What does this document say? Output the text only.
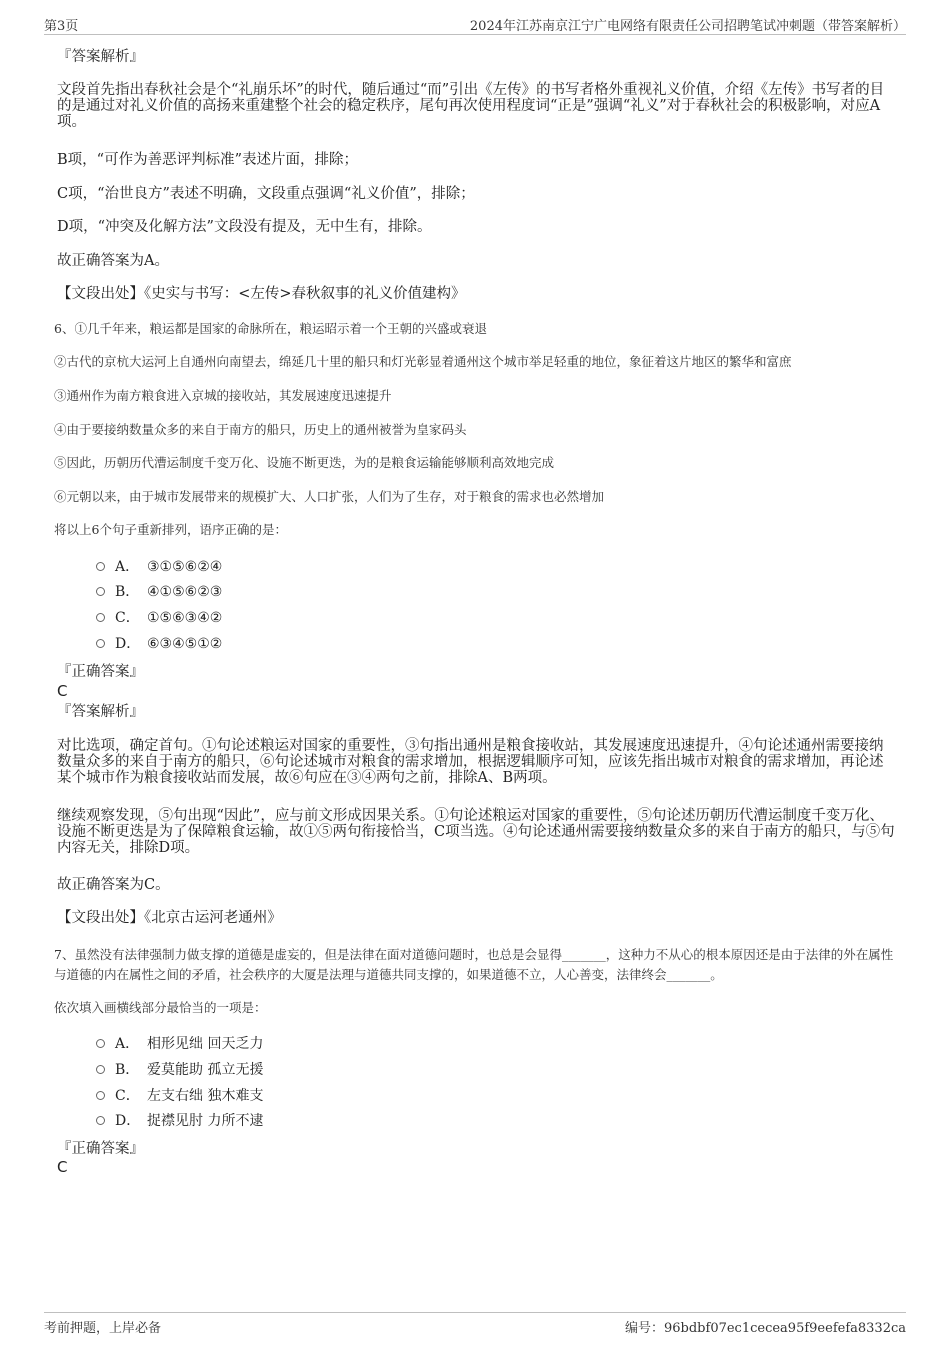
第3页	2024年江苏南京江宁广电网络有限责任公司招聘笔试冲刺题（带答案解析）
『答案解析』
文段首先指出春秋社会是个“礼崩乐坏”的时代，随后通过“而”引出《左传》的书写者格外重视礼义价值，介绍《左传》书写者的目的是通过对礼义价值的高扬来重建整个社会的稳定秩序，尾句再次使用程度词“正是”强调“礼义”对于春秋社会的积极影响，对应A项。
B项，“可作为善恶评判标准”表述片面，排除；
C项，“治世良方”表述不明确，文段重点强调“礼义价值”，排除；
D项，“冲突及化解方法”文段没有提及，无中生有，排除。
故正确答案为A。
【文段出处】《史实与书写：<左传>春秋叙事的礼义价值建构》
6、①几千年来，粮运都是国家的命脉所在，粮运昭示着一个王朝的兴盛或衰退
②古代的京杭大运河上自通州向南望去，绵延几十里的船只和灯光彰显着通州这个城市举足轻重的地位，象征着这片地区的繁华和富庶
③通州作为南方粮食进入京城的接收站，其发展速度迅速提升
④由于要接纳数量众多的来自于南方的船只，历史上的通州被誉为皇家码头
⑤因此，历朝历代漕运制度千变万化、设施不断更迭，为的是粮食运输能够顺利高效地完成
⑥元朝以来，由于城市发展带来的规模扩大、人口扩张，人们为了生存，对于粮食的需求也必然增加
将以上6个句子重新排列，语序正确的是：
A． ③①⑤⑥②④
B． ④①⑤⑥②③
C． ①⑤⑥③④②
D． ⑥③④⑤①②
『正确答案』
C
『答案解析』
对比选项，确定首句。①句论述粮运对国家的重要性，③句指出通州是粮食接收站，其发展速度迅速提升，④句论述通州需要接纳数量众多的来自于南方的船只，⑥句论述城市对粮食的需求增加，根据逻辑顺序可知，应该先指出城市对粮食的需求增加，再论述某个城市作为粮食接收站而发展，故⑥句应在③④两句之前，排除A、B两项。
继续观察发现，⑤句出现“因此”，应与前文形成因果关系。①句论述粮运对国家的重要性，⑤句论述历朝历代漕运制度千变万化、设施不断更迭是为了保障粮食运输，故①⑤两句衔接恰当，C项当选。④句论述通州需要接纳数量众多的来自于南方的船只，与⑤句内容无关，排除D项。
故正确答案为C。
【文段出处】《北京古运河老通州》
7、虽然没有法律强制力做支撑的道德是虚妄的，但是法律在面对道德问题时，也总是会显得_______，这种力不从心的根本原因还是由于法律的外在属性与道德的内在属性之间的矛盾，社会秩序的大厦是法理与道德共同支撑的，如果道德不立，人心善变，法律终会_______。
依次填入画横线部分最恰当的一项是：
A． 相形见绌 回天乏力
B． 爱莫能助 孤立无援
C． 左支右绌 独木难支
D． 捉襟见肘 力所不逮
『正确答案』
C
考前押题，上岸必备	编号：96bdbf07ec1cecea95f9eefefa8332ca
